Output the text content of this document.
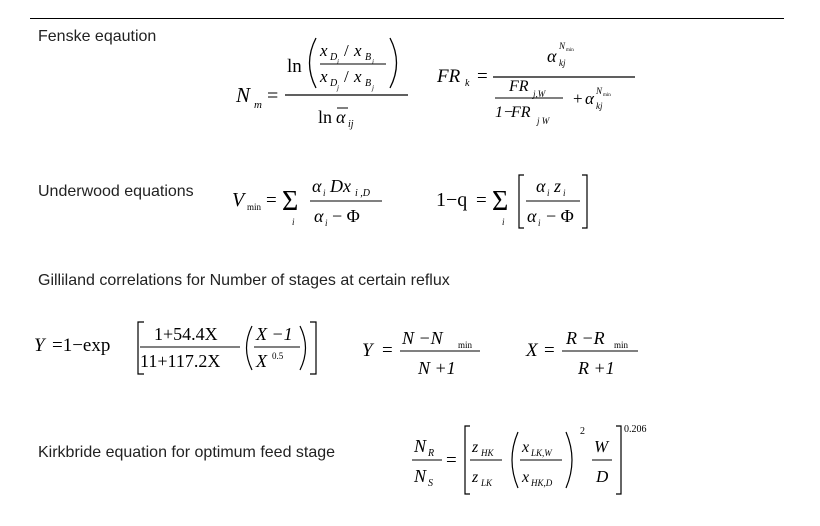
Fenske eqaution
Underwood equations
Gilliland correlations for Number of stages at certain reflux
Kirkbride equation for optimum feed stage
N m =
ln
x D i
/ x B i
x D j
/ x B j
ln α ij
FR k =
α kj
N min
FR j,W
1−
FR j W
+ α kj
N min
V min = Σ
i
α i Dx i ,D
α i − Φ
1−q = Σ
i
α i z i
α i − Φ
Y =1−exp
1+54.4X
11+117.2X
X −1
X 0.5	Y =
N −N min
N +1
X =
R −R min
R +1
N R
N S
=
z HK
z LK
x LK,W
x HK,D
2
W
D
0.206
